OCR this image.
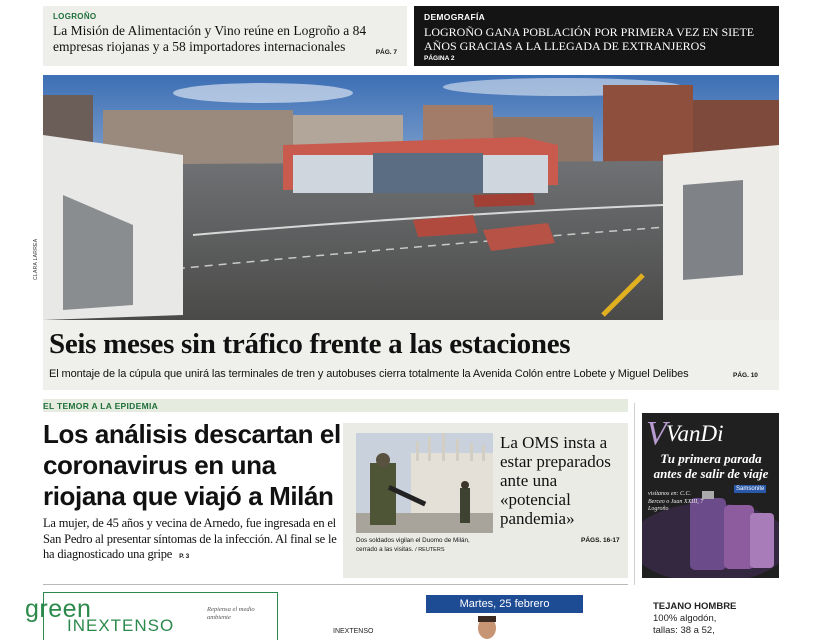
LOGROÑO
La Misión de Alimentación y Vino reúne en Logroño a 84 empresas riojanas y a 58 importadores internacionales	PÁG. 7
DEMOGRAFÍA
LOGROÑO GANA POBLACIÓN POR PRIMERA VEZ EN SIETE AÑOS GRACIAS A LA LLEGADA DE EXTRANJEROS
PÁGINA 2
CLARA LARREA
Seis meses sin tráfico frente a las estaciones
El montaje de la cúpula que unirá las terminales de tren y autobuses cierra totalmente la Avenida Colón entre Lobete y Miguel Delibes	PÁG. 10
EL TEMOR A LA EPIDEMIA
Los análisis descartan el coronavirus en una riojana que viajó a Milán
La mujer, de 45 años y vecina de Arnedo, fue ingresada en el San Pedro al presentar síntomas de la infección. Al final se le ha diagnosticado una gripe P. 3
Dos soldados vigilan el Duomo de Milán, cerrado a las visitas. / REUTERS
La OMS insta a estar preparados ante una «potencial pandemia»
PÁGS. 16-17
V VanDi
Tu primera parada antes de salir de viaje
visítanos en: C.C. Berceo o Juan XXIII, 7 Logroño
Samsonite
green
INEXTENSO
Repiensa el medio ambiente
INEXTENSO
Martes, 25 febrero	TEJANO HOMBRE
100% algodón,
tallas: 38 a 52,
